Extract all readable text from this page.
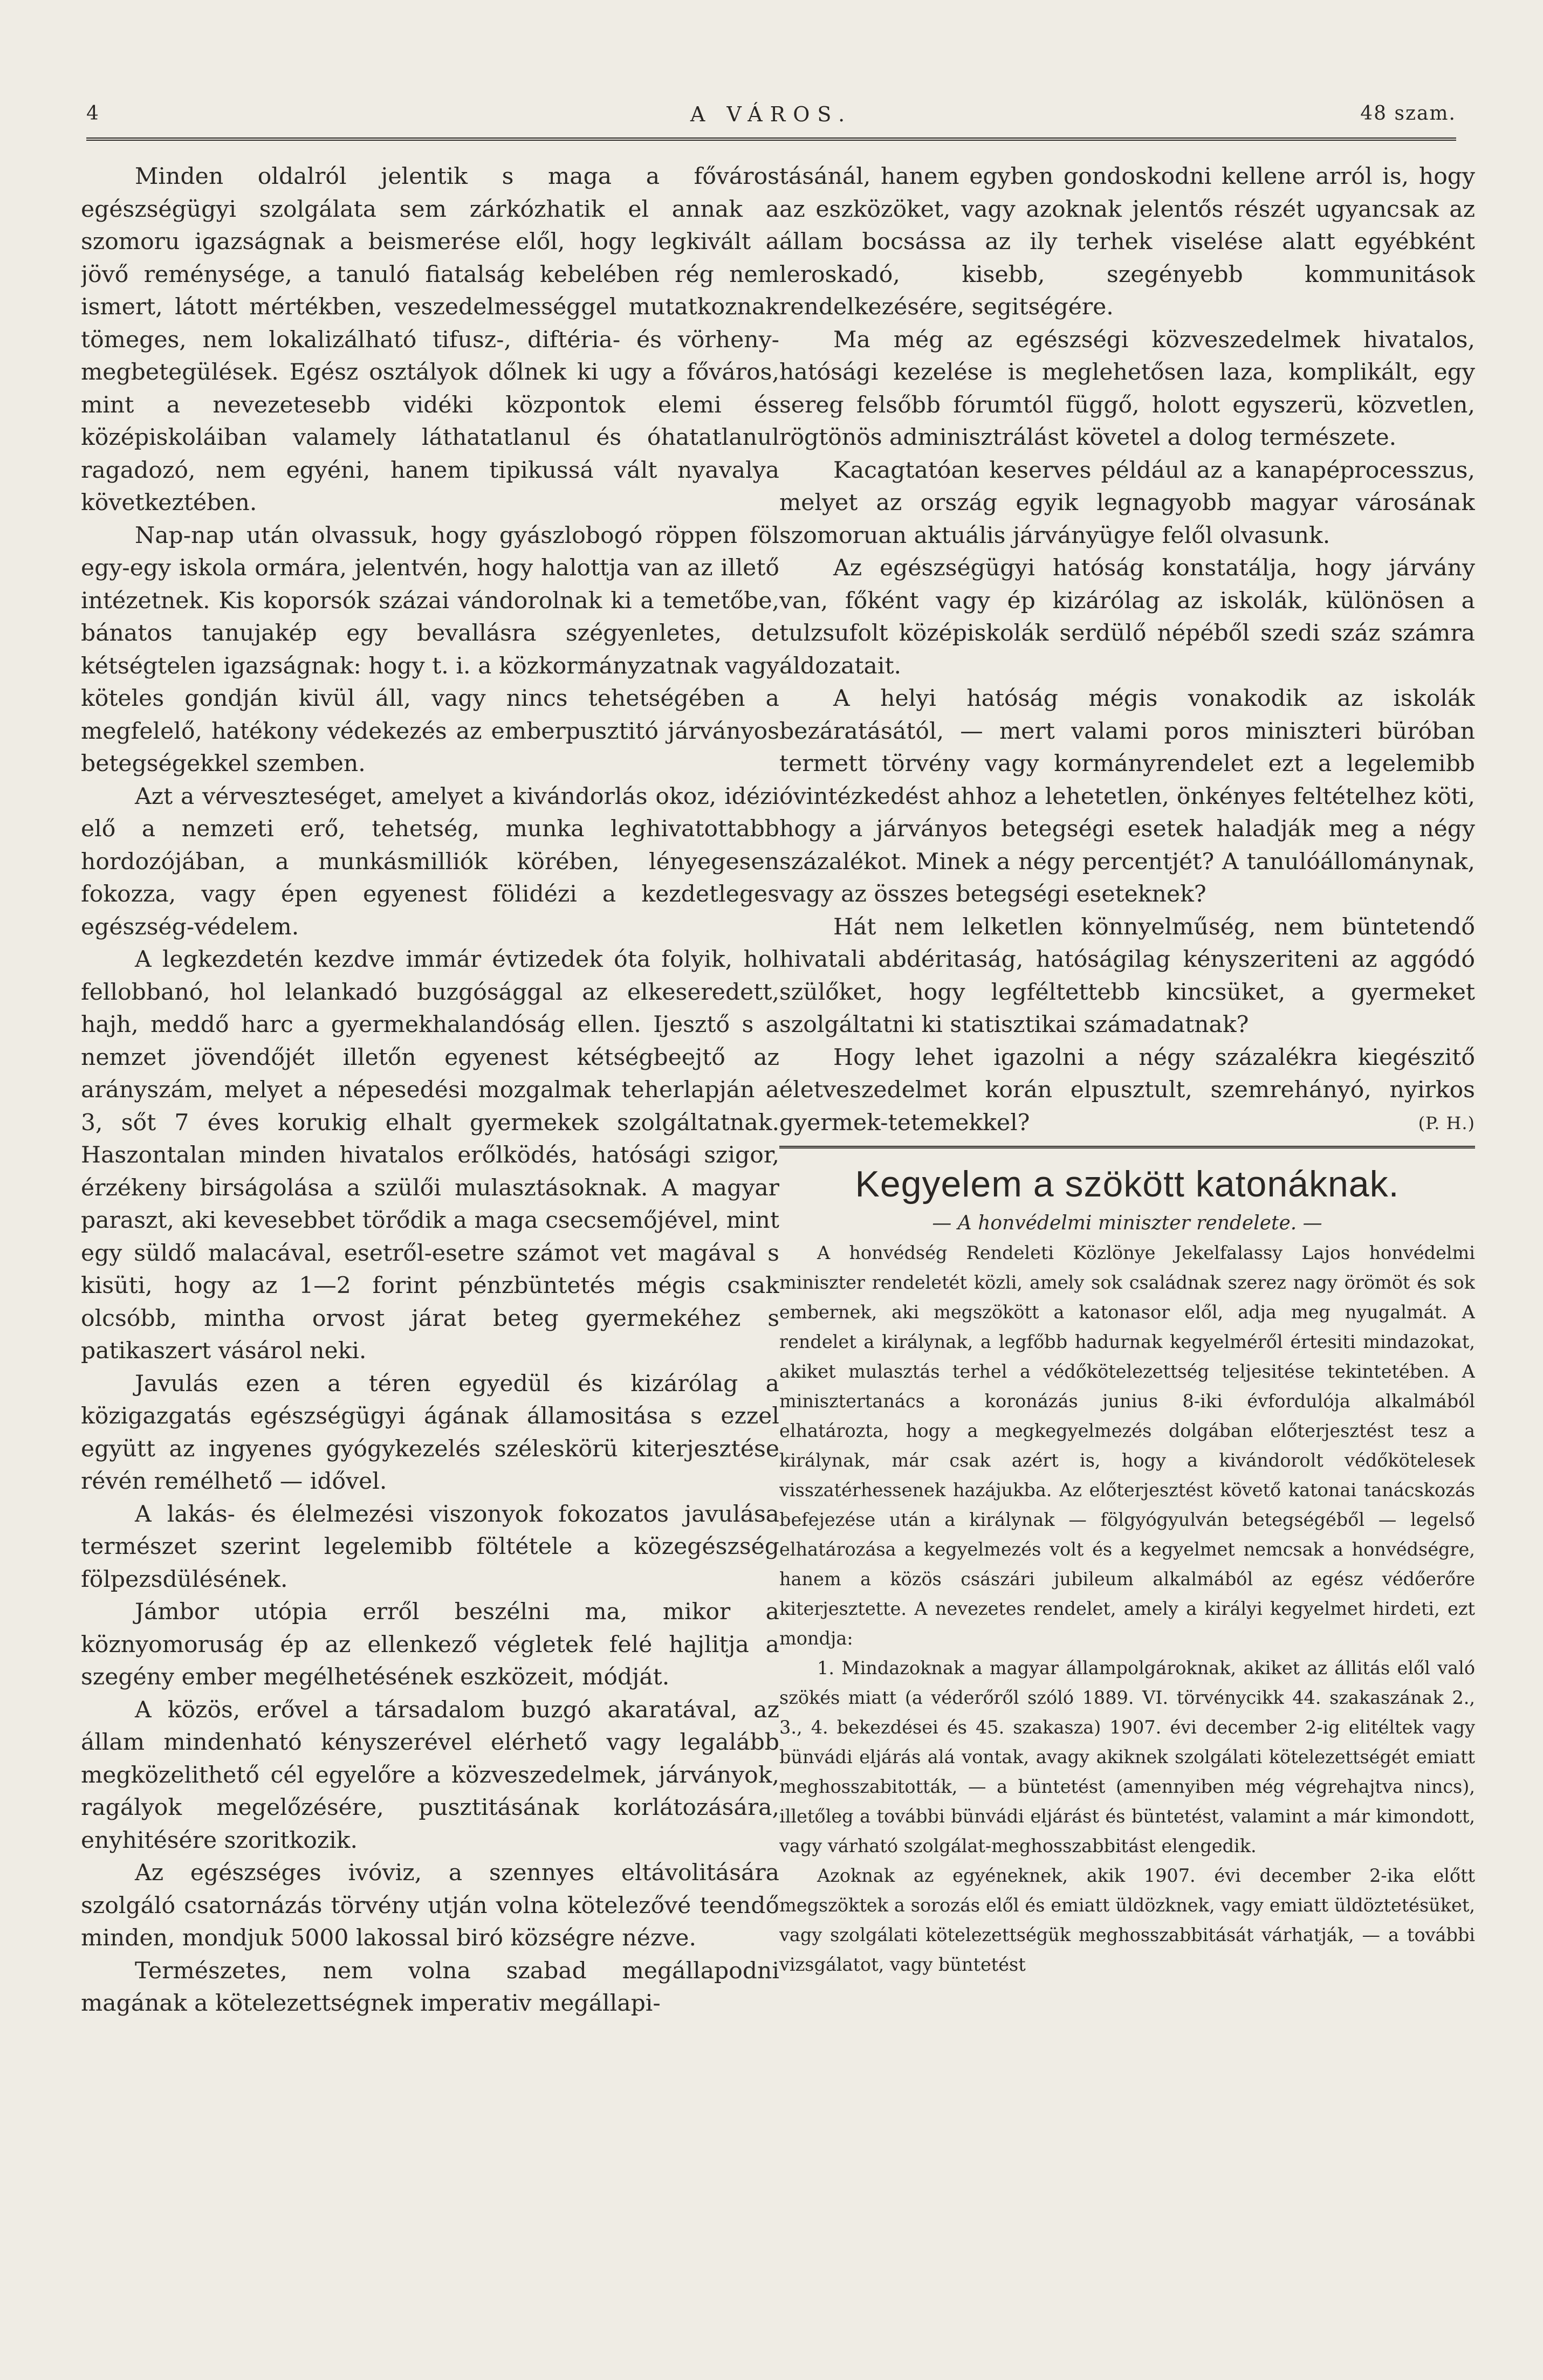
4	A VÁROS.	48 szam.

Minden oldalról jelentik s maga a főváros egészségügyi szolgálata sem zárkózhatik el annak a szomoru igazságnak a beismerése elől, hogy legkivált a jövő reménysége, a tanuló fiatalság kebelében rég nem ismert, látott mértékben, veszedelmességgel mutatkoznak tömeges, nem lokalizálható tifusz-, diftéria- és vörheny-megbetegülések. Egész osztályok dőlnek ki ugy a főváros, mint a nevezetesebb vidéki központok elemi és középiskoláiban valamely láthatatlanul és óhatatlanul ragadozó, nem egyéni, hanem tipikussá vált nyavalya következtében.

Nap-nap után olvassuk, hogy gyászlobogó röppen föl egy-egy iskola ormára, jelentvén, hogy halottja van az illető intézetnek. Kis koporsók százai vándorolnak ki a temetőbe, bánatos tanujakép egy bevallásra szégyenletes, de kétségtelen igazságnak: hogy t. i. a közkormányzatnak vagy köteles gondján kivül áll, vagy nincs tehetségében a megfelelő, hatékony védekezés az emberpusztitó járványos betegségekkel szemben.

Azt a vérveszteséget, amelyet a kivándorlás okoz, idézi elő a nemzeti erő, tehetség, munka leghivatottabb hordozójában, a munkásmilliók körében, lényegesen fokozza, vagy épen egyenest fölidézi a kezdetleges egészség-védelem.

A legkezdetén kezdve immár évtizedek óta folyik, hol fellobbanó, hol lelankadó buzgósággal az elkeseredett, hajh, meddő harc a gyermekhalandóság ellen. Ijesztő s a nemzet jövendőjét illetőn egyenest kétségbeejtő az arányszám, melyet a népesedési mozgalmak teherlapján a 3, sőt 7 éves korukig elhalt gyermekek szolgáltatnak. Haszontalan minden hivatalos erőlködés, hatósági szigor, érzékeny birságolása a szülői mulasztásoknak. A magyar paraszt, aki kevesebbet törődik a maga csecsemőjével, mint egy süldő malacával, esetről-esetre számot vet magával s kisüti, hogy az 1—2 forint pénzbüntetés mégis csak olcsóbb, mintha orvost járat beteg gyermekéhez s patikaszert vásárol neki.

Javulás ezen a téren egyedül és kizárólag a közigazgatás egészségügyi ágának államositása s ezzel együtt az ingyenes gyógykezelés széleskörü kiterjesztése révén remélhető — idővel.

A lakás- és élelmezési viszonyok fokozatos javulása természet szerint legelemibb föltétele a közegészség fölpezsdülésének.

Jámbor utópia erről beszélni ma, mikor a köznyomoruság ép az ellenkező végletek felé hajlitja a szegény ember megélhetésének eszközeit, módját.

A közös, erővel a társadalom buzgó akaratával, az állam mindenható kényszerével elérhető vagy legalább megközelithető cél egyelőre a közveszedelmek, járványok, ragályok megelőzésére, pusztitásának korlátozására, enyhitésére szoritkozik.

Az egészséges ivóviz, a szennyes eltávolitására szolgáló csatornázás törvény utján volna kötelezővé teendő minden, mondjuk 5000 lakossal biró községre nézve.

Természetes, nem volna szabad megállapodni magának a kötelezettségnek imperativ megállapi-

tásánál, hanem egyben gondoskodni kellene arról is, hogy az eszközöket, vagy azoknak jelentős részét ugyancsak az állam bocsássa az ily terhek viselése alatt egyébként leroskadó, kisebb, szegényebb kommunitások rendelkezésére, segitségére.

Ma még az egészségi közveszedelmek hivatalos, hatósági kezelése is meglehetősen laza, komplikált, egy sereg felsőbb fórumtól függő, holott egyszerü, közvetlen, rögtönös adminisztrálást követel a dolog természete.

Kacagtatóan keserves például az a kanapéprocesszus, melyet az ország egyik legnagyobb magyar városának szomoruan aktuális járványügye felől olvasunk.

Az egészségügyi hatóság konstatálja, hogy járvány van, főként vagy ép kizárólag az iskolák, különösen a tulzsufolt középiskolák serdülő népéből szedi száz számra áldozatait.

A helyi hatóság mégis vonakodik az iskolák bezáratásától, — mert valami poros miniszteri büróban termett törvény vagy kormányrendelet ezt a legelemibb óvintézkedést ahhoz a lehetetlen, önkényes feltételhez köti, hogy a járványos betegségi esetek haladják meg a négy százalékot. Minek a négy percentjét? A tanulóállománynak, vagy az összes betegségi eseteknek?

Hát nem lelketlen könnyelműség, nem büntetendő hivatali abdéritaság, hatóságilag kényszeriteni az aggódó szülőket, hogy legféltettebb kincsüket, a gyermeket szolgáltatni ki statisztikai számadatnak?

Hogy lehet igazolni a négy százalékra kiegészitő életveszedelmet korán elpusztult, szemrehányó, nyirkos gyermek-tetemekkel?	(P. H.)

Kegyelem a szökött katonáknak.

— A honvédelmi miniszter rendelete. —

A honvédség Rendeleti Közlönye Jekelfalassy Lajos honvédelmi miniszter rendeletét közli, amely sok családnak szerez nagy örömöt és sok embernek, aki megszökött a katonasor elől, adja meg nyugalmát. A rendelet a királynak, a legfőbb hadurnak kegyelméről értesiti mindazokat, akiket mulasztás terhel a védőkötelezettség teljesitése tekintetében. A minisztertanács a koronázás junius 8-iki évfordulója alkalmából elhatározta, hogy a megkegyelmezés dolgában előterjesztést tesz a királynak, már csak azért is, hogy a kivándorolt védőkötelesek visszatérhessenek hazájukba. Az előterjesztést követő katonai tanácskozás befejezése után a királynak — fölgyógyulván betegségéből — legelső elhatározása a kegyelmezés volt és a kegyelmet nemcsak a honvédségre, hanem a közös császári jubileum alkalmából az egész védőerőre kiterjesztette. A nevezetes rendelet, amely a királyi kegyelmet hirdeti, ezt mondja:

1. Mindazoknak a magyar állampolgároknak, akiket az állitás elől való szökés miatt (a véderőről szóló 1889. VI. törvénycikk 44. szakaszának 2., 3., 4. bekezdései és 45. szakasza) 1907. évi december 2-ig elitéltek vagy bünvádi eljárás alá vontak, avagy akiknek szolgálati kötelezettségét emiatt meghosszabitották, — a büntetést (amennyiben még végrehajtva nincs), illetőleg a további bünvádi eljárást és büntetést, valamint a már kimondott, vagy várható szolgálat-meghosszabbitást elengedik.

Azoknak az egyéneknek, akik 1907. évi december 2-ika előtt megszöktek a sorozás elől és emiatt üldözknek, vagy emiatt üldöztetésüket, vagy szolgálati kötelezettségük meghosszabbitását várhatják, — a további vizsgálatot, vagy büntetést
